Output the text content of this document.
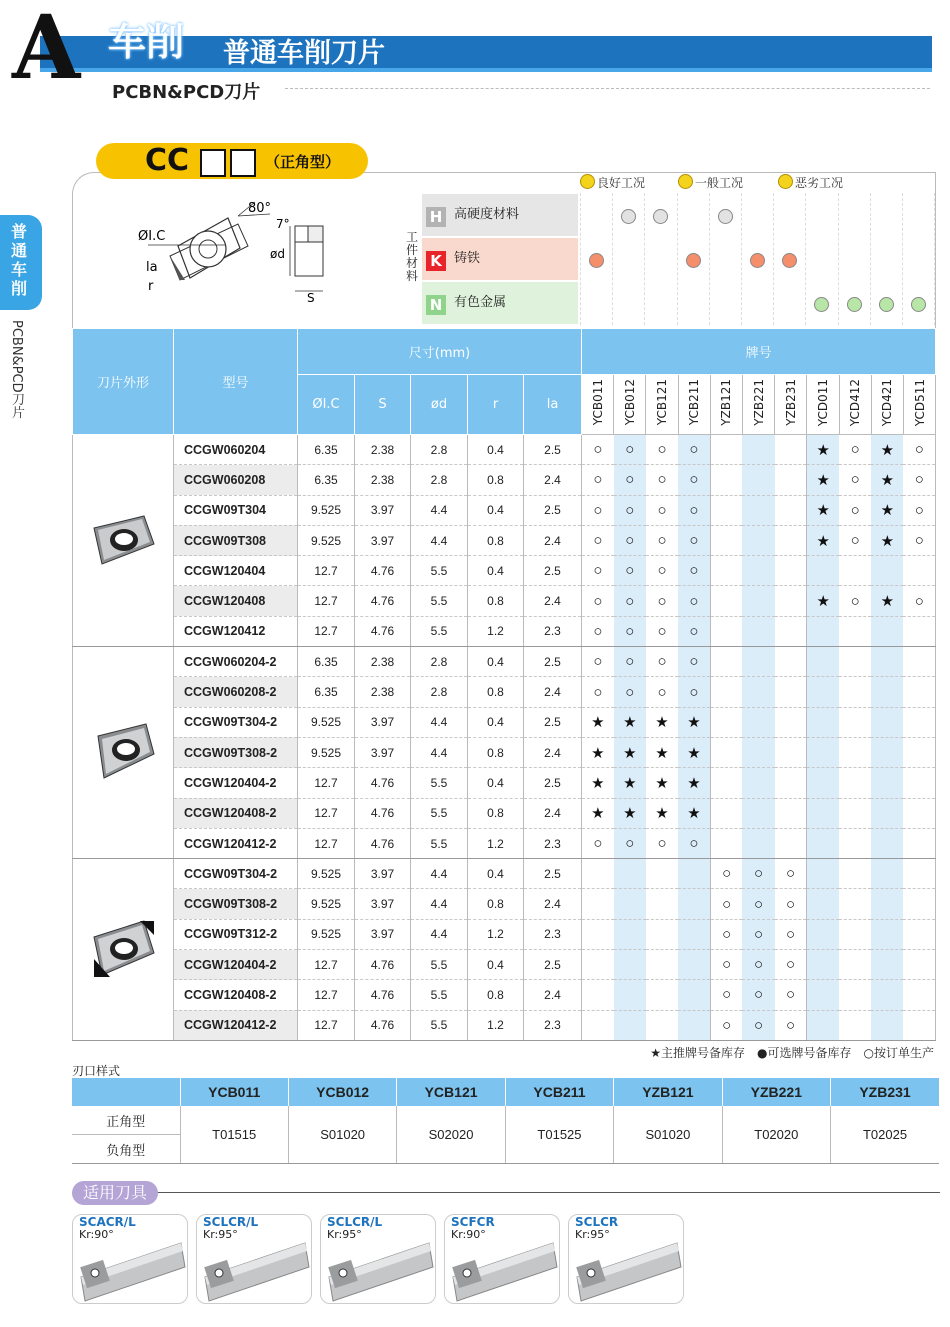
A 车削 普通车削刀片
PCBN&PCD刀片
普通车削
PCBN&PCD刀片
CC	（正角型）
80°
7°
ØI.C
ød
la
r
S
良好工况	一般工况	恶劣工况
工件材料
H 高硬度材料
K 铸铁
N 有色金属
刀片外形	型号	尺寸(mm)					牌号										
		ØI.C	S	ød	r	la	YCB011	YCB012	YCB121	YCB211	YZB121	YZB221	YZB231	YCD011	YCD412	YCD421	YCD511
	CCGW060204	6.35	2.38	2.8	0.4	2.5	○	○	○	○				★	○	★	○
	CCGW060208	6.35	2.38	2.8	0.8	2.4	○	○	○	○				★	○	★	○
	CCGW09T304	9.525	3.97	4.4	0.4	2.5	○	○	○	○				★	○	★	○
	CCGW09T308	9.525	3.97	4.4	0.8	2.4	○	○	○	○				★	○	★	○
	CCGW120404	12.7	4.76	5.5	0.4	2.5	○	○	○	○							
	CCGW120408	12.7	4.76	5.5	0.8	2.4	○	○	○	○				★	○	★	○
	CCGW120412	12.7	4.76	5.5	1.2	2.3	○	○	○	○							
	CCGW060204-2	6.35	2.38	2.8	0.4	2.5	○	○	○	○							
	CCGW060208-2	6.35	2.38	2.8	0.8	2.4	○	○	○	○							
	CCGW09T304-2	9.525	3.97	4.4	0.4	2.5	★	★	★	★							
	CCGW09T308-2	9.525	3.97	4.4	0.8	2.4	★	★	★	★							
	CCGW120404-2	12.7	4.76	5.5	0.4	2.5	★	★	★	★							
	CCGW120408-2	12.7	4.76	5.5	0.8	2.4	★	★	★	★							
	CCGW120412-2	12.7	4.76	5.5	1.2	2.3	○	○	○	○							
	CCGW09T304-2	9.525	3.97	4.4	0.4	2.5					○	○	○				
	CCGW09T308-2	9.525	3.97	4.4	0.8	2.4					○	○	○				
	CCGW09T312-2	9.525	3.97	4.4	1.2	2.3					○	○	○				
	CCGW120404-2	12.7	4.76	5.5	0.4	2.5					○	○	○				
	CCGW120408-2	12.7	4.76	5.5	0.8	2.4					○	○	○				
	CCGW120412-2	12.7	4.76	5.5	1.2	2.3					○	○	○				
★主推牌号备库存　●可选牌号备库存　○按订单生产
刃口样式
	YCB011	YCB012	YCB121	YCB211	YZB121	YZB221	YZB231
正角型	T01515	S01020	S02020	T01525	S01020	T02020	T02025
负角型							
适用刀具
SCACR/L
Kr:90°
SCLCR/L
Kr:95°
SCLCR/L
Kr:95°
SCFCR
Kr:90°
SCLCR
Kr:95°
